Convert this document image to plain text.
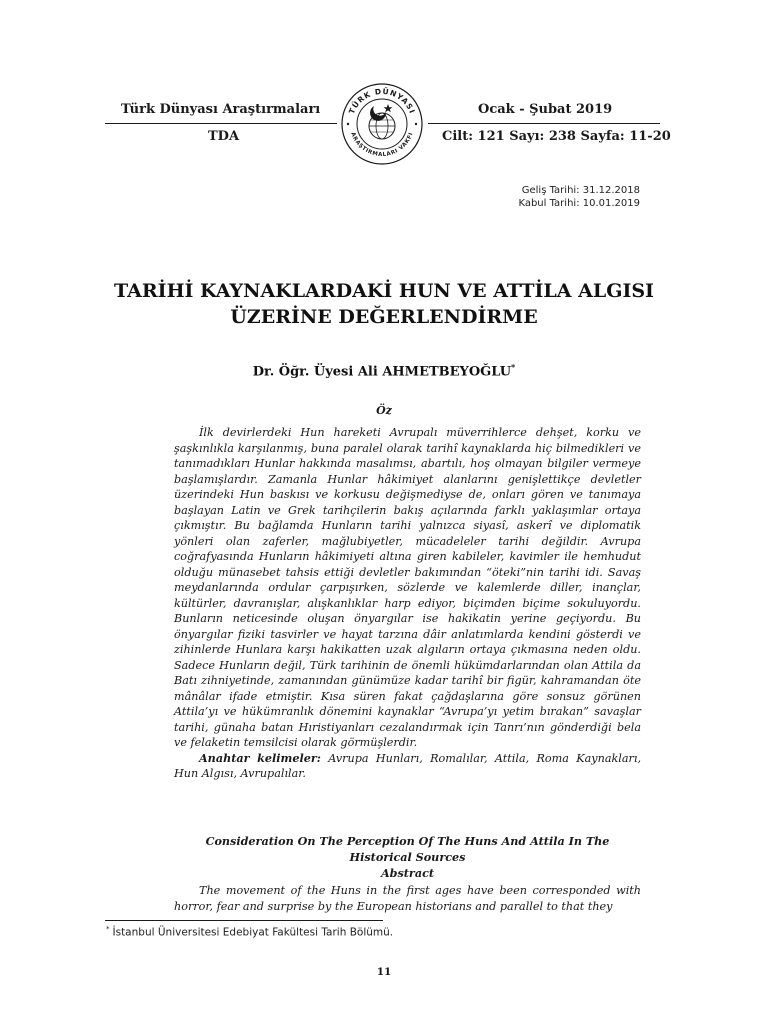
Türk Dünyası Araştırmaları
TDA
Ocak - Şubat 2019
Cilt: 121 Sayı: 238 Sayfa: 11-20
TÜRK DÜNYASI
ARAŞTIRMALARI VAKFI
Geliş Tarihi: 31.12.2018
Kabul Tarihi: 10.01.2019
TARİHİ KAYNAKLARDAKİ HUN VE ATTİLA ALGISI
ÜZERİNE DEĞERLENDİRME
Dr. Öğr. Üyesi Ali AHMETBEYOĞLU*
Öz

İlk devirlerdeki Hun hareketi Avrupalı müverrihlerce dehşet, korku ve şaşkınlıkla karşılanmış, buna paralel olarak tarihî kaynaklarda hiç bilmedikleri ve tanımadıkları Hunlar hakkında masalımsı, abartılı, hoş olmayan bilgiler vermeye başlamışlardır. Zamanla Hunlar hâkimiyet alanlarını genişlettikçe devletler üzerindeki Hun baskısı ve korkusu değişmediyse de, onları gören ve tanımaya başlayan Latin ve Grek tarihçilerin bakış açılarında farklı yaklaşımlar ortaya çıkmıştır. Bu bağlamda Hunların tarihi yalnızca siyasî, askerî ve diplomatik yönleri olan zaferler, mağlubiyetler, mücadeleler tarihi değildir. Avrupa coğrafyasında Hunların hâkimiyeti altına giren kabileler, kavimler ile hemhudut olduğu münasebet tahsis ettiği devletler bakımından “öteki”nin tarihi idi. Savaş meydanlarında ordular çarpışırken, sözlerde ve kalemlerde diller, inançlar, kültürler, davranışlar, alışkanlıklar harp ediyor, biçimden biçime sokuluyordu. Bunların neticesinde oluşan önyargılar ise hakikatin yerine geçiyordu. Bu önyargılar fiziki tasvirler ve hayat tarzına dâir anlatımlarda kendini gösterdi ve zihinlerde Hunlara karşı hakikatten uzak algıların ortaya çıkmasına neden oldu. Sadece Hunların değil, Türk tarihinin de önemli hükümdarlarından olan Attila da Batı zihniyetinde, zamanından günümüze kadar tarihî bir figür, kahramandan öte mânâlar ifade etmiştir. Kısa süren fakat çağdaşlarına göre sonsuz görünen Attila’yı ve hükümranlık dönemini kaynaklar “Avrupa’yı yetim bırakan” savaşlar tarihi, günaha batan Hıristiyanları cezalandırmak için Tanrı’nın gönderdiği bela ve felaketin temsilcisi olarak görmüşlerdir.

Anahtar kelimeler: Avrupa Hunları, Romalılar, Attila, Roma Kaynakları, Hun Algısı, Avrupalılar.

Consideration On The Perception Of The Huns And Attila In The
Historical Sources
Abstract

The movement of the Huns in the first ages have been corresponded with horror, fear and surprise by the European historians and parallel to that they

* İstanbul Üniversitesi Edebiyat Fakültesi Tarih Bölümü.
11
